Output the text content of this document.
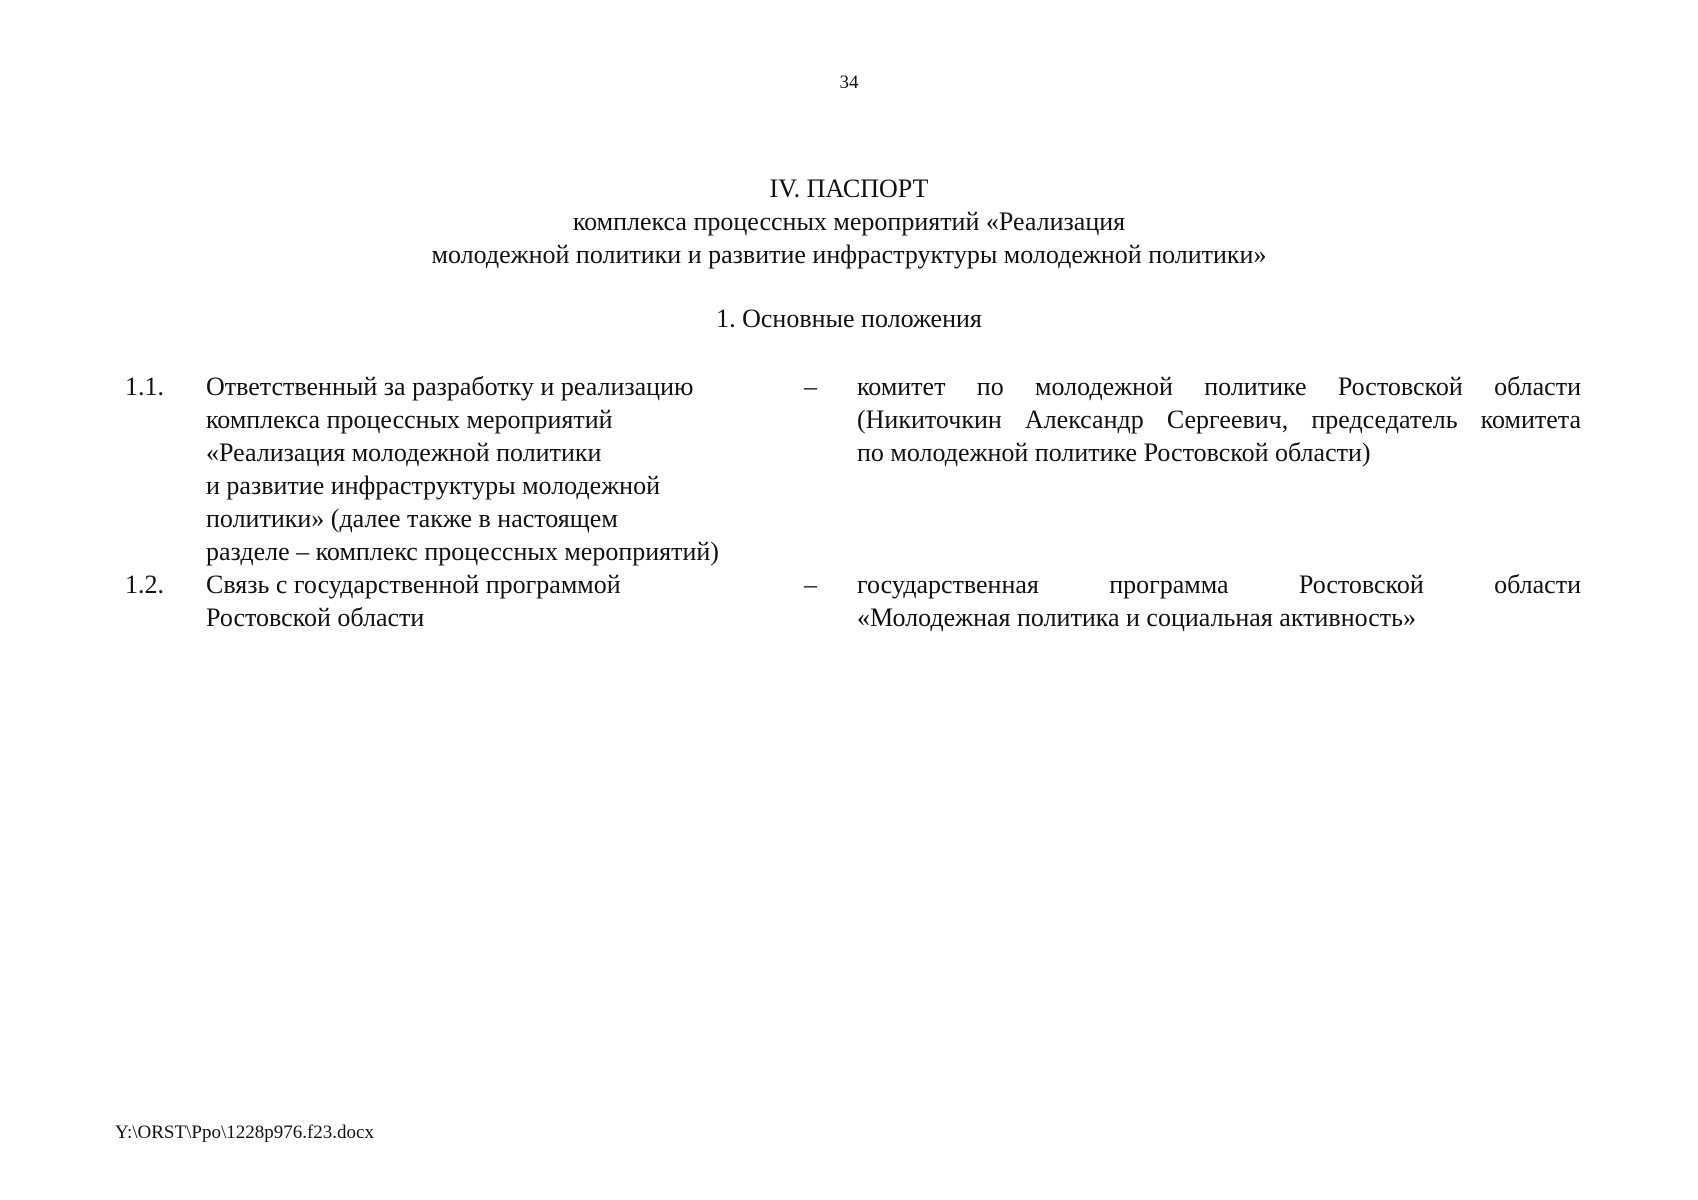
34
IV. ПАСПОРТ
комплекса процессных мероприятий «Реализация
молодежной политики и развитие инфраструктуры молодежной политики»
1. Основные положения
1.1. Ответственный за разработку и реализацию
комплекса процессных мероприятий
«Реализация молодежной политики
и развитие инфраструктуры молодежной
политики» (далее также в настоящем
разделе – комплекс процессных мероприятий)
– комитет по молодежной политике Ростовской области
(Никиточкин Александр Сергеевич, председатель комитета
по молодежной политике Ростовской области)
1.2. Связь с государственной программой
Ростовской области
– государственная программа Ростовской области
«Молодежная политика и социальная активность»
Y:\ORST\Ppo\1228p976.f23.docx
